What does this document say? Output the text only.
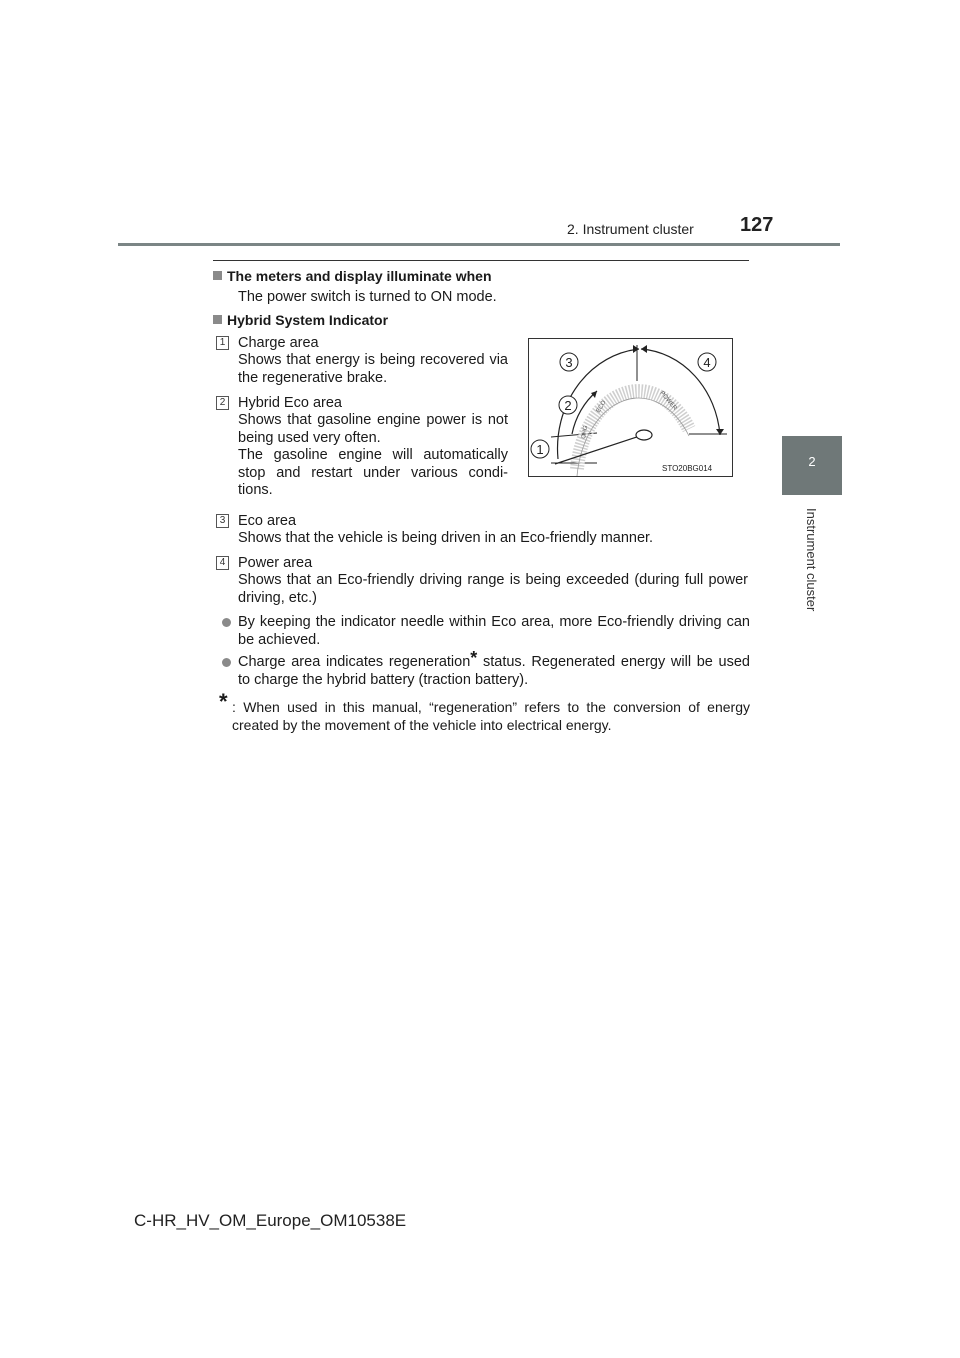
2. Instrument cluster 127
2
Instrument cluster
The meters and display illuminate when
The power switch is turned to ON mode.
Hybrid System Indicator
1 Charge area
Shows that energy is being recovered via the regenerative brake.
2 Hybrid Eco area
Shows that gasoline engine power is not being used very often.
The gasoline engine will automatically stop and restart under various condi-tions.
ECO	POWER
CHG
3	4
2
1
STO20BG014
3 Eco area
Shows that the vehicle is being driven in an Eco-friendly manner.
4 Power area
Shows that an Eco-friendly driving range is being exceeded (during full power driving, etc.)
By keeping the indicator needle within Eco area, more Eco-friendly driving can be achieved.
Charge area indicates regeneration* status. Regenerated energy will be used to charge the hybrid battery (traction battery).
* : When used in this manual, “regeneration” refers to the conversion of energy created by the movement of the vehicle into electrical energy.
C-HR_HV_OM_Europe_OM10538E
